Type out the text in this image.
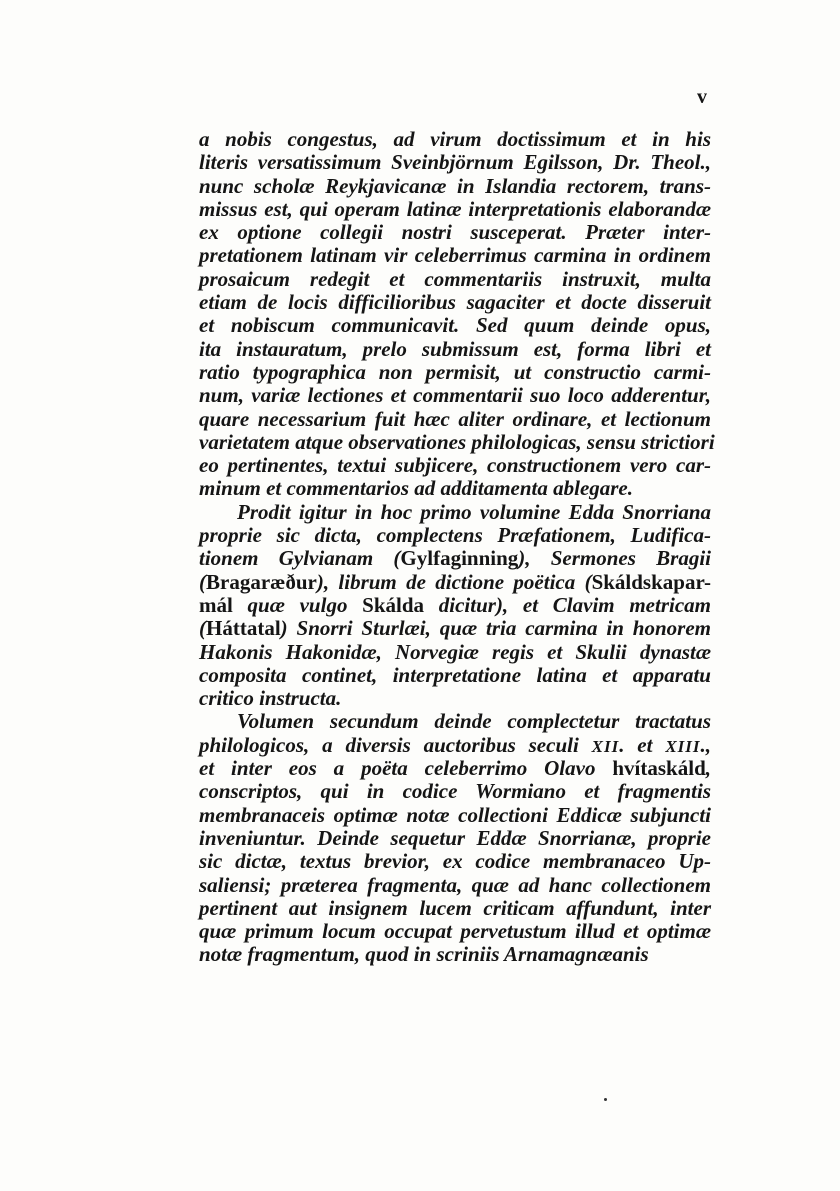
v
a nobis congestus, ad virum doctissimum et in his
literis versatissimum Sveinbjörnum Egilsson, Dr. Theol.,
nunc scholæ Reykjavicanæ in Islandia rectorem, trans-
missus est, qui operam latinæ interpretationis elaborandæ
ex optione collegii nostri susceperat. Præter inter-
pretationem latinam vir celeberrimus carmina in ordinem
prosaicum redegit et commentariis instruxit, multa
etiam de locis difficilioribus sagaciter et docte disseruit
et nobiscum communicavit. Sed quum deinde opus,
ita instauratum, prelo submissum est, forma libri et
ratio typographica non permisit, ut constructio carmi-
num, variæ lectiones et commentarii suo loco adderentur,
quare necessarium fuit hæc aliter ordinare, et lectionum
varietatem atque observationes philologicas, sensu strictiori
eo pertinentes, textui subjicere, constructionem vero car-
minum et commentarios ad additamenta ablegare.
Prodit igitur in hoc primo volumine Edda Snorriana
proprie sic dicta, complectens Præfationem, Ludifica-
tionem Gylvianam (Gylfaginning), Sermones Bragii
(Bragaræður), librum de dictione poëtica (Skáldskapar-
mál quæ vulgo Skálda dicitur), et Clavim metricam
(Háttatal) Snorri Sturlæi, quæ tria carmina in honorem
Hakonis Hakonidæ, Norvegiæ regis et Skulii dynastæ
composita continet, interpretatione latina et apparatu
critico instructa.
Volumen secundum deinde complectetur tractatus
philologicos, a diversis auctoribus seculi XII. et XIII.,
et inter eos a poëta celeberrimo Olavo hvítaskáld,
conscriptos, qui in codice Wormiano et fragmentis
membranaceis optimæ notæ collectioni Eddicæ subjuncti
inveniuntur. Deinde sequetur Eddæ Snorrianæ, proprie
sic dictæ, textus brevior, ex codice membranaceo Up-
saliensi; præterea fragmenta, quæ ad hanc collectionem
pertinent aut insignem lucem criticam affundunt, inter
quæ primum locum occupat pervetustum illud et optimæ
notæ fragmentum, quod in scriniis Arnamagnæanis
